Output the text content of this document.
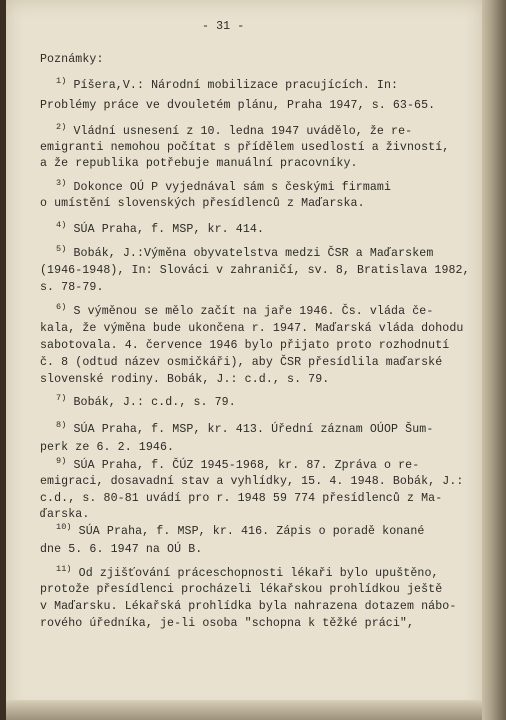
- 31 -

Poznámky:

$^{1)}$ Píšera,V.: Národní mobilizace pracujících. In:
Problémy práce ve dvouletém plánu, Praha 1947, s. 63-65.
$^{2)}$ Vládní usnesení z 10. ledna 1947 uvádělo, že re-
emigranti nemohou počítat s přídělem usedlostí a živností,
a že republika potřebuje manuální pracovníky.
$^{3)}$ Dokonce OÚ P vyjednával sám s českými firmami
o umístění slovenských přesídlenců z Maďarska.
$^{4)}$ SÚA Praha, f. MSP, kr. 414.
$^{5)}$ Bobák, J.:Výměna obyvatelstva medzi ČSR a Maďarskem
(1946-1948), In: Slováci v zahraničí, sv. 8, Bratislava 1982,
s. 78-79.
$^{6)}$ S výměnou se mělo začít na jaře 1946. Čs. vláda če-
kala, že výměna bude ukončena r. 1947. Maďarská vláda dohodu
sabotovala. 4. července 1946 bylo přijato proto rozhodnutí
č. 8 (odtud název osmičkáři), aby ČSR přesídlila maďarské
slovenské rodiny. Bobák, J.: c.d., s. 79.
$^{7)}$ Bobák, J.: c.d., s. 79.
$^{8)}$ SÚA Praha, f. MSP, kr. 413. Úřední záznam OÚOP Šum-
perk ze 6. 2. 1946.
$^{9)}$ SÚA Praha, f. ČÚZ 1945-1968, kr. 87. Zpráva o re-
emigraci, dosavadní stav a vyhlídky, 15. 4. 1948. Bobák, J.:
c.d., s. 80-81 uvádí pro r. 1948 59 774 přesídlenců z Ma-
ďarska.
$^{10)}$ SÚA Praha, f. MSP, kr. 416. Zápis o poradě konané
dne 5. 6. 1947 na OÚ B.
$^{11)}$ Od zjišťování práceschopnosti lékaři bylo upuštěno,
protože přesídlenci procházeli lékařskou prohlídkou ještě
v Maďarsku. Lékařská prohlídka byla nahrazena dotazem nábo-
rového úředníka, je-li osoba "schopna k těžké práci",
